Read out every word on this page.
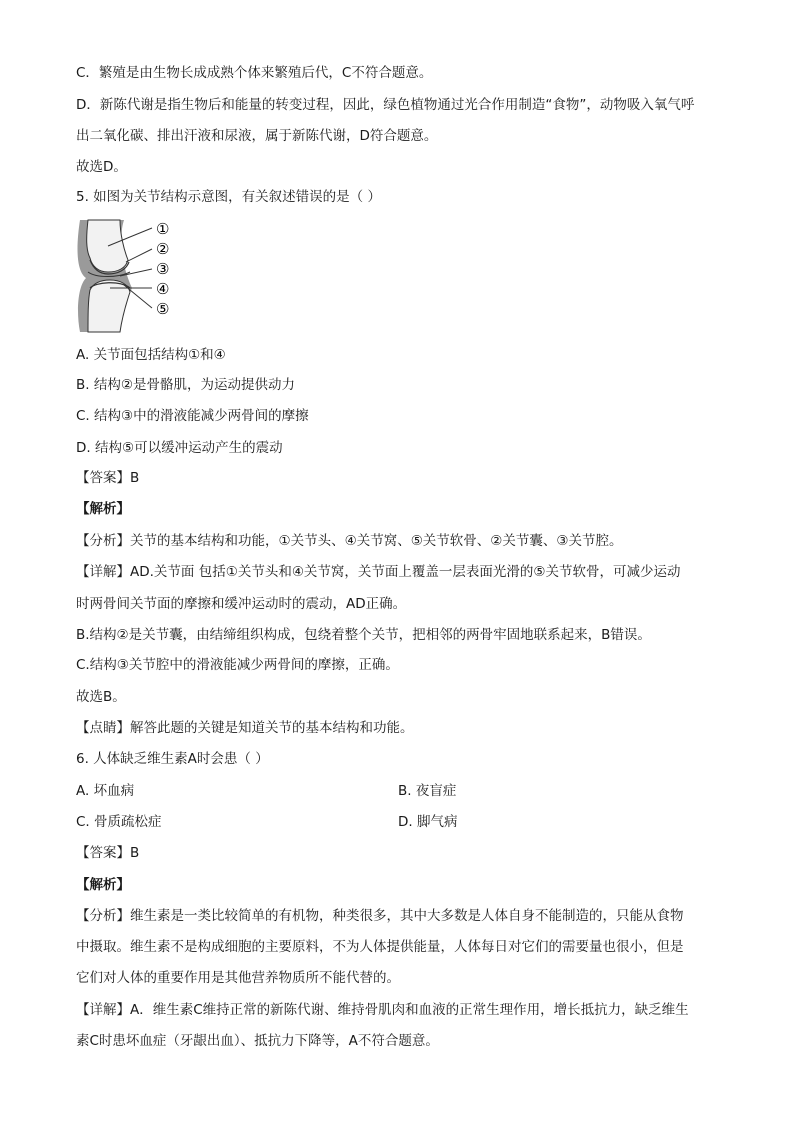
C．繁殖是由生物长成成熟个体来繁殖后代，C不符合题意。
D．新陈代谢是指生物后和能量的转变过程，因此，绿色植物通过光合作用制造“食物”，动物吸入氧气呼
出二氧化碳、排出汗液和尿液，属于新陈代谢，D符合题意。
故选D。
5. 如图为关节结构示意图，有关叙述错误的是（ ）
①
②
③
④
⑤
A. 关节面包括结构①和④
B. 结构②是骨骼肌，为运动提供动力
C. 结构③中的滑液能减少两骨间的摩擦
D. 结构⑤可以缓冲运动产生的震动
【答案】B
【解析】
【分析】关节的基本结构和功能，①关节头、④关节窝、⑤关节软骨、②关节囊、③关节腔。
【详解】AD.关节面 包括①关节头和④关节窝，关节面上覆盖一层表面光滑的⑤关节软骨，可减少运动
时两骨间关节面的摩擦和缓冲运动时的震动，AD正确。
B.结构②是关节囊，由结缔组织构成，包绕着整个关节，把相邻的两骨牢固地联系起来，B错误。
C.结构③关节腔中的滑液能减少两骨间的摩擦，正确。
故选B。
【点睛】解答此题的关键是知道关节的基本结构和功能。
6. 人体缺乏维生素A时会患（ ）
A. 坏血病	B. 夜盲症
C. 骨质疏松症	D. 脚气病
【答案】B
【解析】
【分析】维生素是一类比较简单的有机物，种类很多，其中大多数是人体自身不能制造的，只能从食物
中摄取。维生素不是构成细胞的主要原料，不为人体提供能量，人体每日对它们的需要量也很小，但是
它们对人体的重要作用是其他营养物质所不能代替的。
【详解】A．维生素C维持正常的新陈代谢、维持骨肌肉和血液的正常生理作用，增长抵抗力，缺乏维生
素C时患坏血症（牙龈出血）、抵抗力下降等，A不符合题意。
